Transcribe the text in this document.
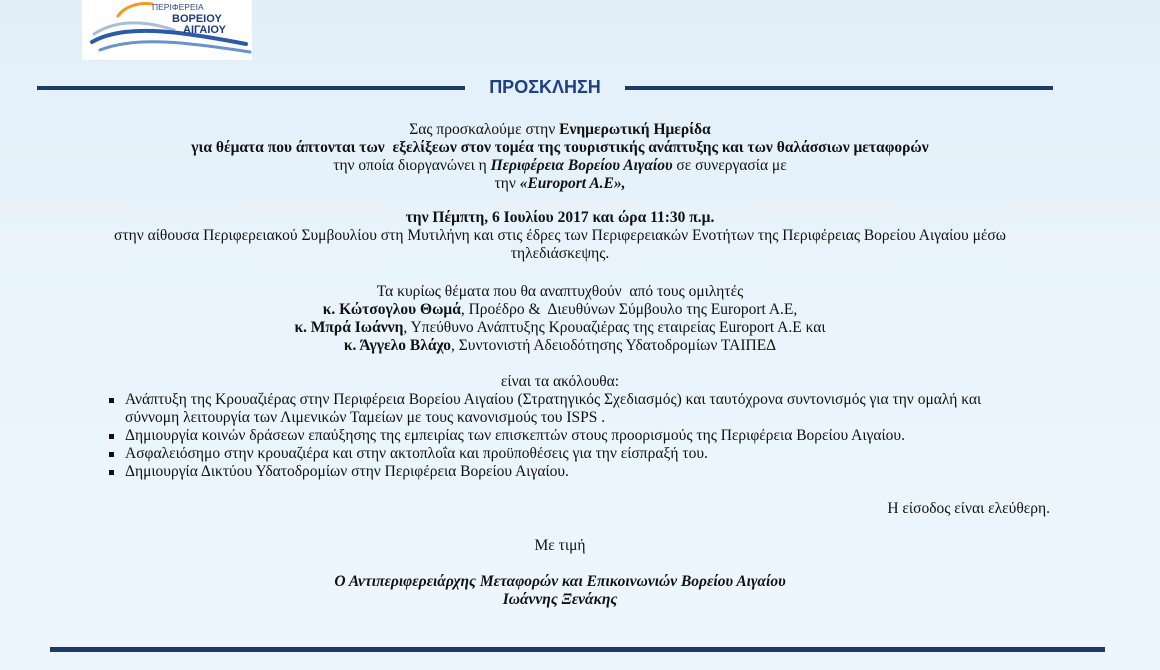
ΠΕΡΙΦΕΡΕΙΑ
ΒΟΡΕΙΟΥ
ΑΙΓΑΙΟΥ
ΠΡΟΣΚΛΗΣΗ
Σας προσκαλούμε στην Ενημερωτική Ημερίδα
για θέματα που άπτονται των  εξελίξεων στον τομέα της τουριστικής ανάπτυξης και των θαλάσσιων μεταφορών
την οποία διοργανώνει η Περιφέρεια Βορείου Αιγαίου σε συνεργασία με
την «Europort A.E»,
την Πέμπτη, 6 Ιουλίου 2017 και ώρα 11:30 π.μ.
στην αίθουσα Περιφερειακού Συμβουλίου στη Μυτιλήνη και στις έδρες των Περιφερειακών Ενοτήτων της Περιφέρειας Βορείου Αιγαίου μέσω
τηλεδιάσκεψης.
Τα κυρίως θέματα που θα αναπτυχθούν  από τους ομιλητές
κ. Κώτσογλου Θωμά, Προέδρο &  Διευθύνων Σύμβουλο της Europort A.E,
κ. Μπρά Ιωάννη, Υπεύθυνο Ανάπτυξης Κρουαζιέρας της εταιρείας Europort A.E και
κ. Άγγελο Βλάχο, Συντονιστή Αδειοδότησης Υδατοδρομίων ΤΑΙΠΕΔ
είναι τα ακόλουθα:
Ανάπτυξη της Κρουαζιέρας στην Περιφέρεια Βορείου Αιγαίου (Στρατηγικός Σχεδιασμός) και ταυτόχρονα συντονισμός για την ομαλή και
σύννομη λειτουργία των Λιμενικών Ταμείων με τους κανονισμούς του ISPS .
Δημιουργία κοινών δράσεων επαύξησης της εμπειρίας των επισκεπτών στους προορισμούς της Περιφέρεια Βορείου Αιγαίου.
Ασφαλειόσημο στην κρουαζιέρα και στην ακτοπλοΐα και προϋποθέσεις για την είσπραξή του.
Δημιουργία Δικτύου Υδατοδρομίων στην Περιφέρεια Βορείου Αιγαίου.
Η είσοδος είναι ελεύθερη.
Με τιμή
Ο Αντιπεριφερειάρχης Μεταφορών και Επικοινωνιών Βορείου Αιγαίου
Ιωάννης Ξενάκης
